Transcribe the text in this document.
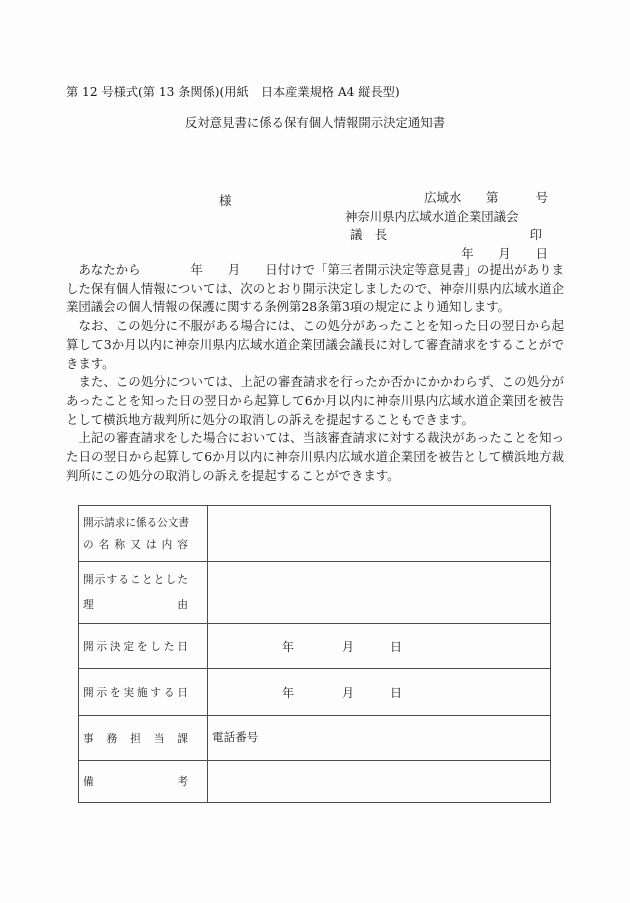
第 12 号様式(第 13 条関係)(用紙　日本産業規格 A4 縦長型)
反対意見書に係る保有個人情報開示決定通知書

広域水　　第　　　号

年　　月　　日

様
神奈川県内広域水道企業団議会
議　長	印

　あなたから　　　　年　　月　　日付けで「第三者開示決定等意見書」の提出がありました保有個人情報については、次のとおり開示決定しましたので、神奈川県内広域水道企業団議会の個人情報の保護に関する条例第28条第3項の規定により通知します。

　なお、この処分に不服がある場合には、この処分があったことを知った日の翌日から起算して3か月以内に神奈川県内広域水道企業団議会議長に対して審査請求をすることができます。

　また、この処分については、上記の審査請求を行ったか否かにかかわらず、この処分があったことを知った日の翌日から起算して6か月以内に神奈川県内広域水道企業団を被告として横浜地方裁判所に処分の取消しの訴えを提起することもできます。

　上記の審査請求をした場合においては、当該審査請求に対する裁決があったことを知った日の翌日から起算して6か月以内に神奈川県内広域水道企業団を被告として横浜地方裁判所にこの処分の取消しの訴えを提起することができます。

開 示 請 求 に 係 る 公 文 書
の 名 称 又 は 内 容

開 示 す る こ と と し た
理	由

開 示 決 定 を し た 日	年　　　　月　　　日

開 示 を 実 施 す る 日	年　　　　月　　　日

事 務 担 当 課	電話番号

備 考	
